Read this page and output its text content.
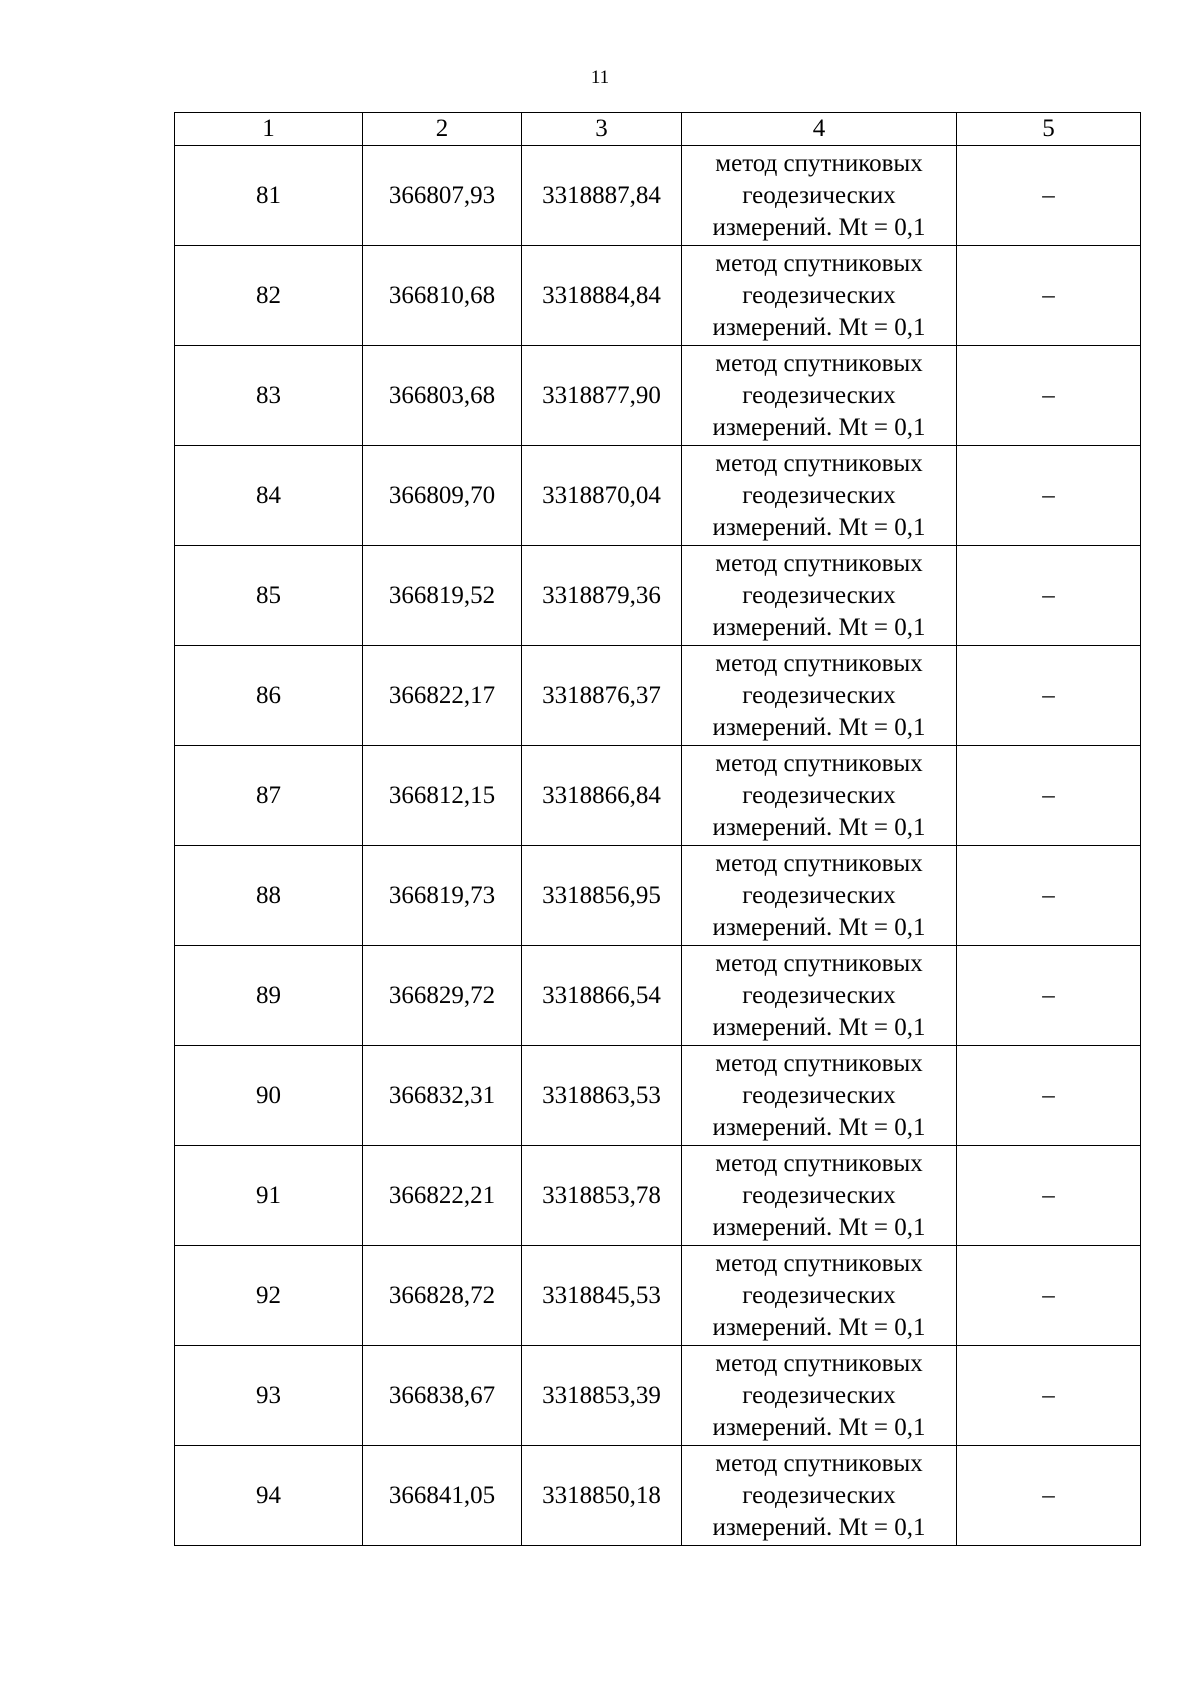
11
1	2	3	4	5
81	366807,93	3318887,84	метод спутниковых
геодезических
измерений. Mt = 0,1	–
82	366810,68	3318884,84	метод спутниковых
геодезических
измерений. Mt = 0,1	–
83	366803,68	3318877,90	метод спутниковых
геодезических
измерений. Mt = 0,1	–
84	366809,70	3318870,04	метод спутниковых
геодезических
измерений. Mt = 0,1	–
85	366819,52	3318879,36	метод спутниковых
геодезических
измерений. Mt = 0,1	–
86	366822,17	3318876,37	метод спутниковых
геодезических
измерений. Mt = 0,1	–
87	366812,15	3318866,84	метод спутниковых
геодезических
измерений. Mt = 0,1	–
88	366819,73	3318856,95	метод спутниковых
геодезических
измерений. Mt = 0,1	–
89	366829,72	3318866,54	метод спутниковых
геодезических
измерений. Mt = 0,1	–
90	366832,31	3318863,53	метод спутниковых
геодезических
измерений. Mt = 0,1	–
91	366822,21	3318853,78	метод спутниковых
геодезических
измерений. Mt = 0,1	–
92	366828,72	3318845,53	метод спутниковых
геодезических
измерений. Mt = 0,1	–
93	366838,67	3318853,39	метод спутниковых
геодезических
измерений. Mt = 0,1	–
94	366841,05	3318850,18	метод спутниковых
геодезических
измерений. Mt = 0,1	–
